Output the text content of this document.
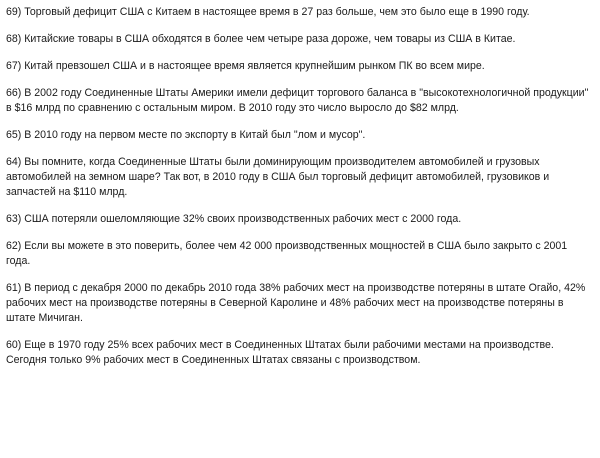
69) Торговый дефицит США с Китаем в настоящее время в 27 раз больше, чем это было еще в 1990 году.

68) Китайские товары в США обходятся в более чем четыре раза дороже, чем товары из США в Китае.

67) Китай превзошел США и в настоящее время является крупнейшим рынком ПК во всем мире.

66) В 2002 году Соединенные Штаты Америки имели дефицит торгового баланса в "высокотехнологичной продукции" в $16 млрд по сравнению с остальным миром. В 2010 году это число выросло до $82 млрд.

65) В 2010 году на первом месте по экспорту в Китай был "лом и мусор".

64) Вы помните, когда Соединенные Штаты были доминирующим производителем автомобилей и грузовых автомобилей на земном шаре? Так вот, в 2010 году в США был торговый дефицит автомобилей, грузовиков и запчастей на $110 млрд.

63) США потеряли ошеломляющие 32% своих производственных рабочих мест с 2000 года.

62) Если вы можете в это поверить, более чем 42 000 производственных мощностей в США было закрыто с 2001 года.

61) В период с декабря 2000 по декабрь 2010 года 38% рабочих мест на производстве потеряны в штате Огайо, 42% рабочих мест на производстве потеряны в Северной Каролине и 48% рабочих мест на производстве потеряны в штате Мичиган.

60) Еще в 1970 году 25% всех рабочих мест в Соединенных Штатах были рабочими местами на производстве. Сегодня только 9% рабочих мест в Соединенных Штатах связаны с производством.
